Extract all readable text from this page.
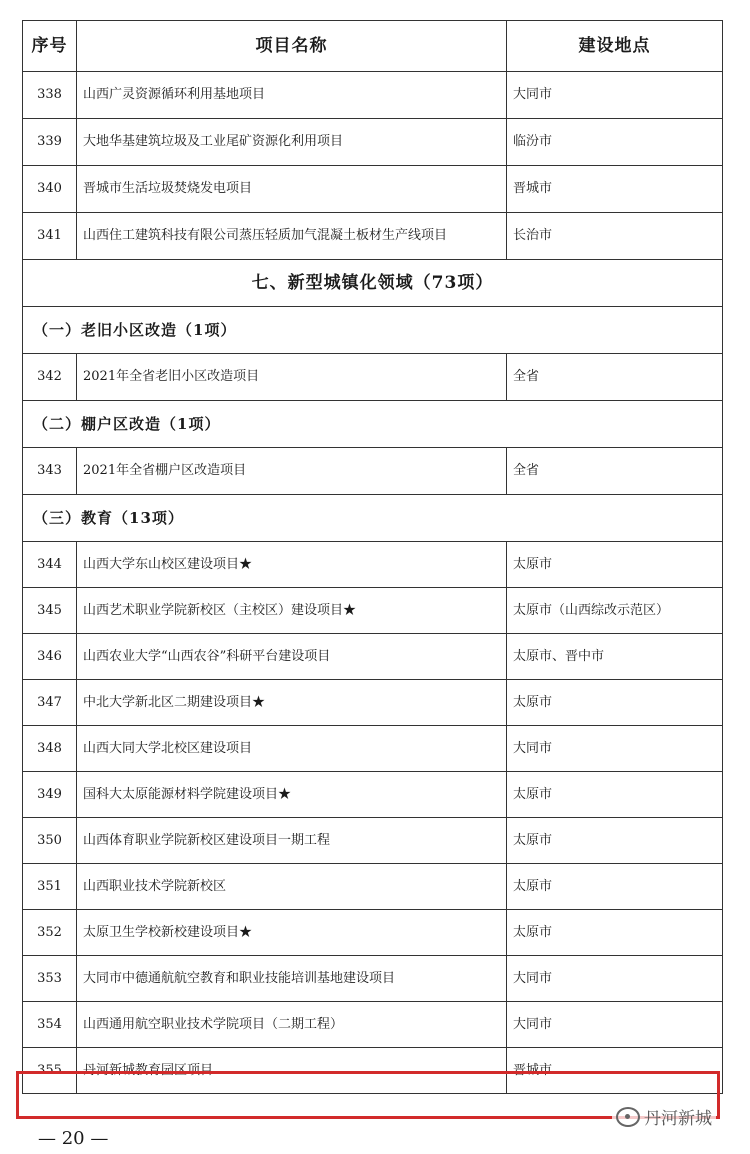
序号	项目名称	建设地点
338	山西广灵资源循环利用基地项目	大同市
339	大地华基建筑垃圾及工业尾矿资源化利用项目	临汾市
340	晋城市生活垃圾焚烧发电项目	晋城市
341	山西住工建筑科技有限公司蒸压轻质加气混凝土板材生产线项目	长治市
七、新型城镇化领域（73项）		
（一）老旧小区改造（1项）		
342	2021年全省老旧小区改造项目	全省
（二）棚户区改造（1项）		
343	2021年全省棚户区改造项目	全省
（三）教育（13项）		
344	山西大学东山校区建设项目★	太原市
345	山西艺术职业学院新校区（主校区）建设项目★	太原市（山西综改示范区）
346	山西农业大学“山西农谷”科研平台建设项目	太原市、晋中市
347	中北大学新北区二期建设项目★	太原市
348	山西大同大学北校区建设项目	大同市
349	国科大太原能源材料学院建设项目★	太原市
350	山西体育职业学院新校区建设项目一期工程	太原市
351	山西职业技术学院新校区	太原市
352	太原卫生学校新校建设项目★	太原市
353	大同市中德通航航空教育和职业技能培训基地建设项目	大同市
354	山西通用航空职业技术学院项目（二期工程）	大同市
355	丹河新城教育园区项目	晋城市
— 20 —
丹河新城
